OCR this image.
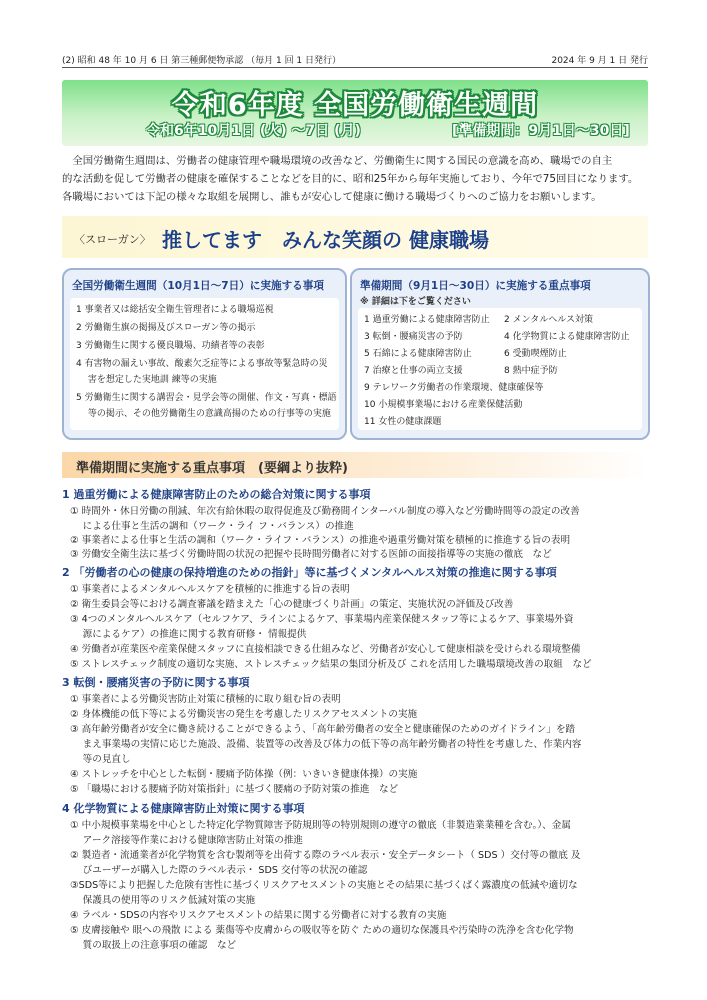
(2) 昭和 48 年 10 月 6 日 第三種郵便物承認 （毎月 1 回 1 日発行）	2024 年 9 月 1 日 発行
令和6年度 全国労働衛生週間
令和6年10月1日 (火) ～7日 (月)	[準備期間：9月1日～30日]

全国労働衛生週間は、労働者の健康管理や職場環境の改善など、労働衛生に関する国民の意識を高め、職場での自主

的な活動を促して労働者の健康を確保することなどを目的に、昭和25年から毎年実施しており、今年で75回目になります。
各職場においては下記の様々な取組を展開し、誰もが安心して健康に働ける職場づくりへのご協力をお願いします。
〈スローガン〉 推してます　みんな笑顔の 健康職場
全国労働衛生週間（10月1日～7日）に実施する事項
1 事業者又は総括安全衛生管理者による職場巡視
2 労働衛生旗の掲揚及びスローガン等の掲示
3 労働衛生に関する優良職場、功績者等の表彰
4 有害物の漏えい事故、酸素欠乏症等による事故等緊急時の災
　 害を想定した実地訓 練等の実施
5 労働衛生に関する講習会・見学会等の開催、作文・写真・標語
　 等の掲示、その他労働衛生の意識高揚のための行事等の実施
準備期間（9月1日～30日）に実施する重点事項
※ 詳細は下をご覧ください
1 過重労働による健康障害防止 2 メンタルヘルス対策
3 転倒・腰痛災害の予防	4 化学物質による健康障害防止
5 石綿による健康障害防止	6 受動喫煙防止
7 治療と仕事の両立支援	8 熱中症予防
9 テレワーク労働者の作業環境、健康確保等
10 小規模事業場における産業保健活動
11 女性の健康課題
準備期間に実施する重点事項　(要綱より抜粋)
1 過重労働による健康障害防止のための総合対策に関する事項
① 時間外・休日労働の削減、年次有給休暇の取得促進及び勤務間インターバル制度の導入など労働時間等の設定の改善
　 による仕事と生活の調和（ワーク・ライ フ・バランス）の推進
② 事業者による仕事と生活の調和（ワーク・ライフ・バランス）の推進や過重労働対策を積極的に推進する旨の表明
③ 労働安全衛生法に基づく労働時間の状況の把握や長時間労働者に対する医師の面接指導等の実施の徹底　など
2 「労働者の心の健康の保持増進のための指針」等に基づくメンタルヘルス対策の推進に関する事項
① 事業者によるメンタルヘルスケアを積極的に推進する旨の表明
② 衛生委員会等における調査審議を踏まえた「心の健康づくり計画」の策定、実施状況の評価及び改善
③ 4つのメンタルヘルスケア（セルフケア、ラインによるケア、事業場内産業保健スタッフ等によるケア、事業場外資
　 源によるケア）の推進に関する教育研修・ 情報提供
④ 労働者が産業医や産業保健スタッフに直接相談できる仕組みなど、労働者が安心して健康相談を受けられる環境整備
⑤ ストレスチェック制度の適切な実施、ストレスチェック結果の集団分析及び これを活用した職場環境改善の取組　など
3 転倒・腰痛災害の予防に関する事項
① 事業者による労働災害防止対策に積極的に取り組む旨の表明
② 身体機能の低下等による労働災害の発生を考慮したリスクアセスメントの実施
③ 高年齢労働者が安全に働き続けることができるよう、「高年齢労働者の安全と健康確保のためのガイドライン」を踏
　 まえ事業場の実情に応じた施設、設備、装置等の改善及び体力の低下等の高年齢労働者の特性を考慮した、作業内容
　 等の見直し
④ ストレッチを中心とした転倒・腰痛予防体操（例：いきいき健康体操）の実施
⑤ 「職場における腰痛予防対策指針」に基づく腰痛の予防対策の推進　など
4 化学物質による健康障害防止対策に関する事項
① 中小規模事業場を中心とした特定化学物質障害予防規則等の特別規則の遵守の徹底（非製造業業種を含む。）、金属
　 アーク溶接等作業における健康障害防止対策の推進
② 製造者・流通業者が化学物質を含む製剤等を出荷する際のラベル表示・安全データシート（ SDS ）交付等の徹底 及
　 びユーザーが購入した際のラベル表示・ SDS 交付等の状況の確認
③SDS等により把握した危険有害性に基づくリスクアセスメントの実施とその結果に基づくばく露濃度の低減や適切な
　 保護具の使用等のリスク低減対策の実施
④ ラベル・SDSの内容やリスクアセスメントの結果に関する労働者に対する教育の実施
⑤ 皮膚接触や 眼への飛散 による 薬傷等や皮膚からの吸収等を防ぐ ための適切な保護具や汚染時の洗浄を含む化学物
　 質の取扱上の注意事項の確認　など
